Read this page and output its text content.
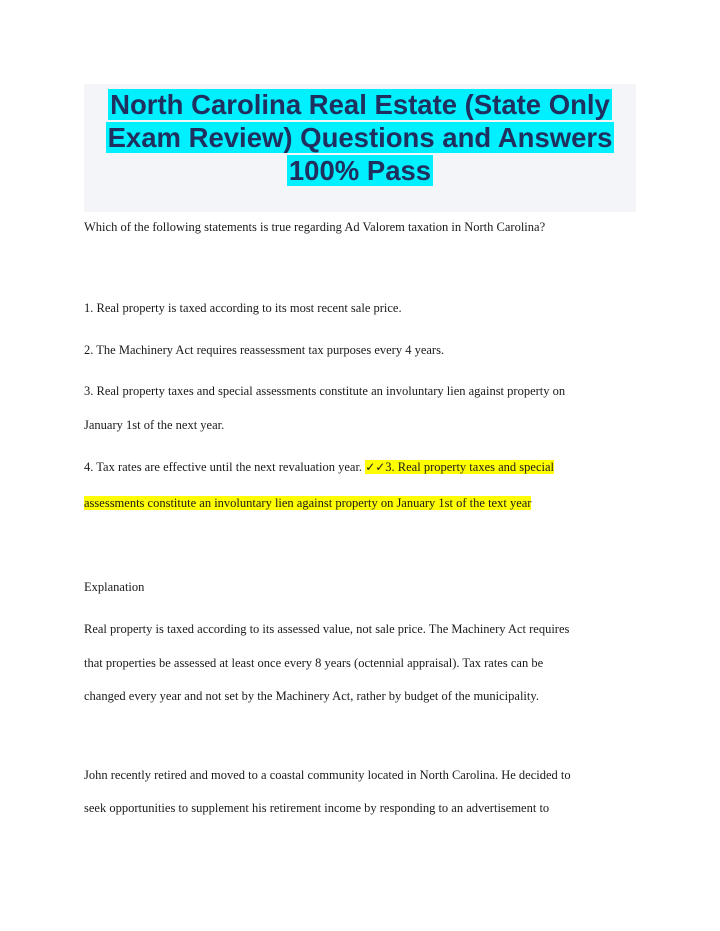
North Carolina Real Estate (State Only
Exam Review) Questions and Answers
100% Pass

Which of the following statements is true regarding Ad Valorem taxation in North Carolina?

1. Real property is taxed according to its most recent sale price.

2. The Machinery Act requires reassessment tax purposes every 4 years.

3. Real property taxes and special assessments constitute an involuntary lien against property on

January 1st of the next year.

4. Tax rates are effective until the next revaluation year. ✓✓3. Real property taxes and special

assessments constitute an involuntary lien against property on January 1st of the text year

Explanation

Real property is taxed according to its assessed value, not sale price. The Machinery Act requires

that properties be assessed at least once every 8 years (octennial appraisal). Tax rates can be

changed every year and not set by the Machinery Act, rather by budget of the municipality.

John recently retired and moved to a coastal community located in North Carolina. He decided to

seek opportunities to supplement his retirement income by responding to an advertisement to
